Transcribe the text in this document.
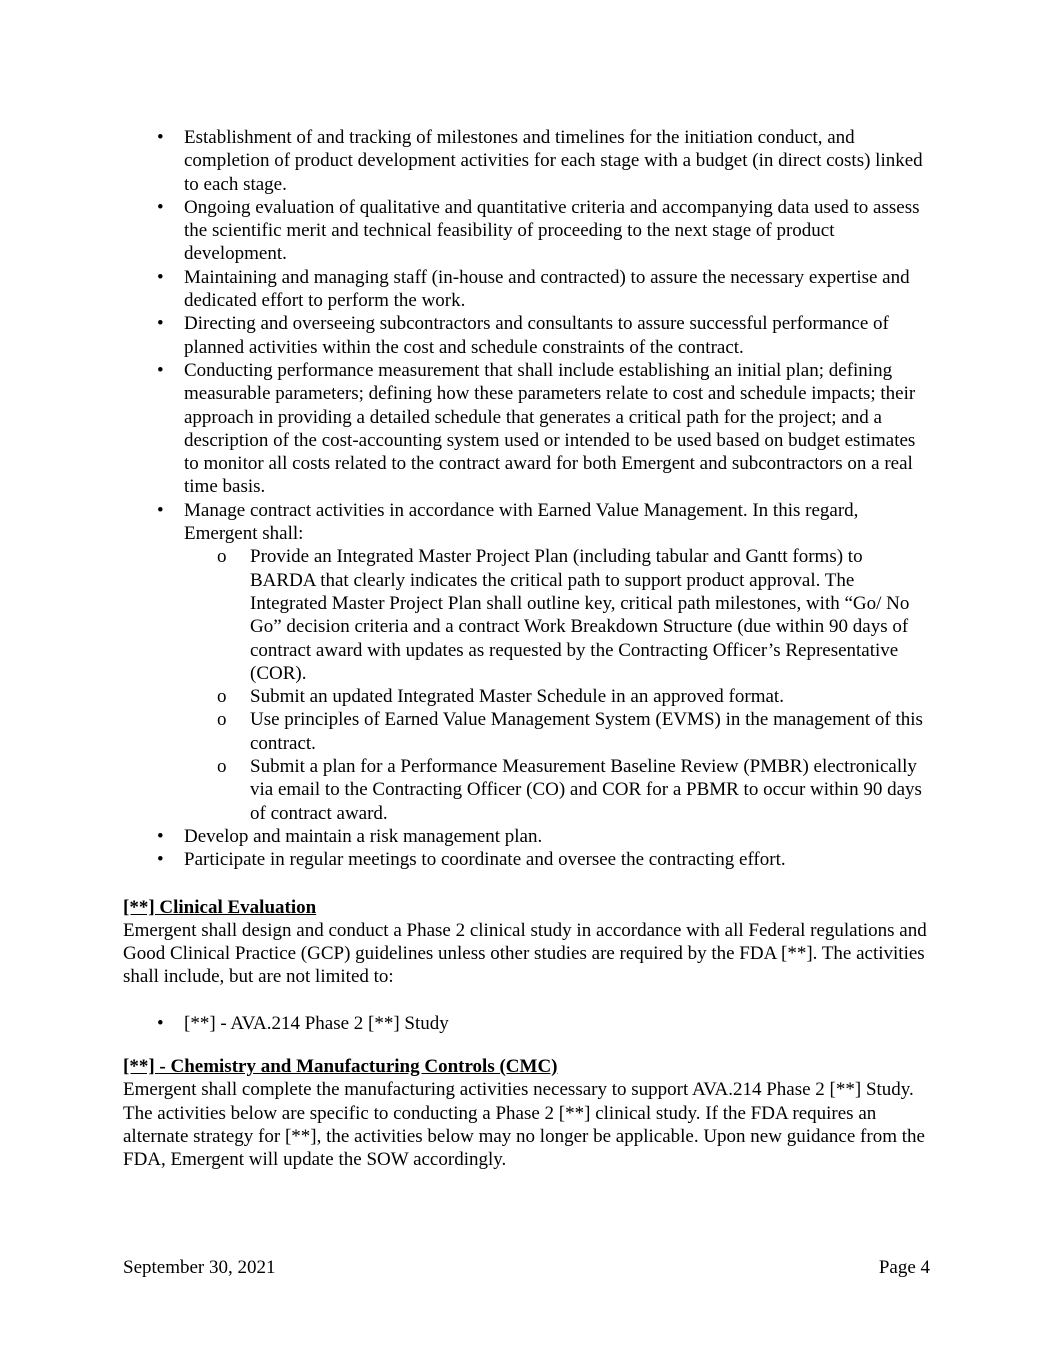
• Establishment of and tracking of milestones and timelines for the initiation conduct, and completion of product development activities for each stage with a budget (in direct costs) linked to each stage.
• Ongoing evaluation of qualitative and quantitative criteria and accompanying data used to assess the scientific merit and technical feasibility of proceeding to the next stage of product development.
• Maintaining and managing staff (in-house and contracted) to assure the necessary expertise and dedicated effort to perform the work.
• Directing and overseeing subcontractors and consultants to assure successful performance of planned activities within the cost and schedule constraints of the contract.
• Conducting performance measurement that shall include establishing an initial plan; defining measurable parameters; defining how these parameters relate to cost and schedule impacts; their approach in providing a detailed schedule that generates a critical path for the project; and a description of the cost-accounting system used or intended to be used based on budget estimates to monitor all costs related to the contract award for both Emergent and subcontractors on a real time basis.
• Manage contract activities in accordance with Earned Value Management. In this regard, Emergent shall:
o Provide an Integrated Master Project Plan (including tabular and Gantt forms) to BARDA that clearly indicates the critical path to support product approval. The Integrated Master Project Plan shall outline key, critical path milestones, with “Go/ No Go” decision criteria and a contract Work Breakdown Structure (due within 90 days of contract award with updates as requested by the Contracting Officer’s Representative (COR).
o Submit an updated Integrated Master Schedule in an approved format.
o Use principles of Earned Value Management System (EVMS) in the management of this contract.
o Submit a plan for a Performance Measurement Baseline Review (PMBR) electronically via email to the Contracting Officer (CO) and COR for a PBMR to occur within 90 days of contract award.
• Develop and maintain a risk management plan.
• Participate in regular meetings to coordinate and oversee the contracting effort.
[**] Clinical Evaluation
Emergent shall design and conduct a Phase 2 clinical study in accordance with all Federal regulations and Good Clinical Practice (GCP) guidelines unless other studies are required by the FDA [**]. The activities shall include, but are not limited to:
• [**] - AVA.214 Phase 2 [**] Study
[**] - Chemistry and Manufacturing Controls (CMC)
Emergent shall complete the manufacturing activities necessary to support AVA.214 Phase 2 [**] Study. The activities below are specific to conducting a Phase 2 [**] clinical study. If the FDA requires an alternate strategy for [**], the activities below may no longer be applicable. Upon new guidance from the FDA, Emergent will update the SOW accordingly.
September 30, 2021	Page 4
